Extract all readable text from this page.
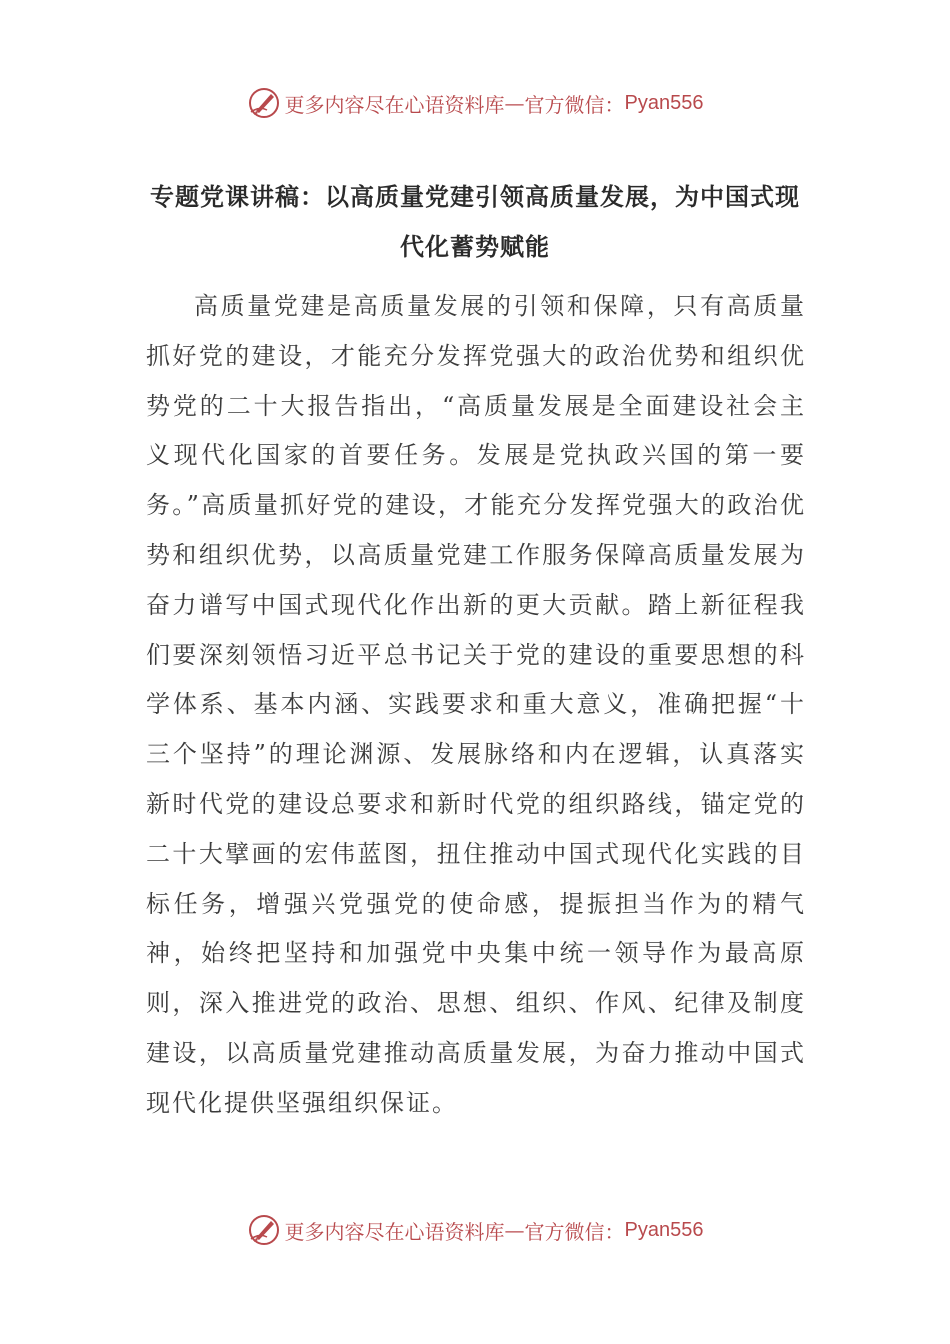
更多内容尽在心语资料库 — 官方微信： Pyan556
专题党课讲稿：以高质量党建引领高质量发展，为中国式现代化蓄势赋能

高质量党建是高质量发展的引领和保障，只有高质量抓好党的建设，才能充分发挥党强大的政治优势和组织优势党的二十大报告指出，“高质量发展是全面建设社会主义现代化国家的首要任务。发展是党执政兴国的第一要务。”高质量抓好党的建设，才能充分发挥党强大的政治优势和组织优势，以高质量党建工作服务保障高质量发展为奋力谱写中国式现代化作出新的更大贡献。踏上新征程我们要深刻领悟习近平总书记关于党的建设的重要思想的科学体系、基本内涵、实践要求和重大意义，准确把握“十三个坚持”的理论渊源、发展脉络和内在逻辑，认真落实新时代党的建设总要求和新时代党的组织路线，锚定党的二十大擘画的宏伟蓝图，扭住推动中国式现代化实践的目标任务，增强兴党强党的使命感，提振担当作为的精气神，始终把坚持和加强党中央集中统一领导作为最高原则，深入推进党的政治、思想、组织、作风、纪律及制度建设，以高质量党建推动高质量发展，为奋力推动中国式现代化提供坚强组织保证。

更多内容尽在心语资料库 — 官方微信： Pyan556
